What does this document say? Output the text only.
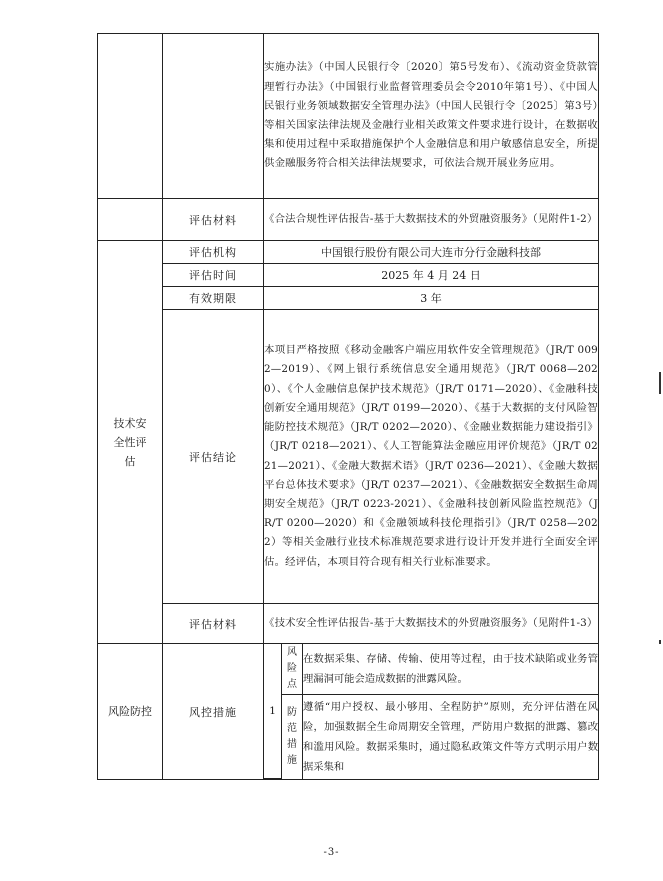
		实施办法》（中国人民银行令〔2020〕第5号发布）、《流动资金贷款管理暂行办法》（中国银行业监督管理委员会令2010年第1号）、《中国人民银行业务领域数据安全管理办法》（中国人民银行令〔2025〕第3号）等相关国家法律法规及金融行业相关政策文件要求进行设计，在数据收集和使用过程中采取措施保护个人金融信息和用户敏感信息安全，所提供金融服务符合相关法律法规要求，可依法合规开展业务应用。
	评估材料	《合法合规性评估报告-基于大数据技术的外贸融资服务》（见附件1-2）
技术安全性评估	评估机构	中国银行股份有限公司大连市分行金融科技部
评估时间	2025 年 4 月 24 日
有效期限	3 年
评估结论	本项目严格按照《移动金融客户端应用软件安全管理规范》（JR/T 0092—2019）、《网上银行系统信息安全通用规范》（JR/T 0068—2020）、《个人金融信息保护技术规范》（JR/T 0171—2020）、《金融科技创新安全通用规范》（JR/T 0199—2020）、《基于大数据的支付风险智能防控技术规范》（JR/T 0202—2020）、《金融业数据能力建设指引》（JR/T 0218—2021）、《人工智能算法金融应用评价规范》（JR/T 0221—2021）、《金融大数据术语》（JR/T 0236—2021）、《金融大数据平台总体技术要求》（JR/T 0237—2021）、《金融数据安全数据生命周期安全规范》（JR/T 0223-2021）、《金融科技创新风险监控规范》（JR/T 0200—2020）和《金融领域科技伦理指引》（JR/T 0258—2022）等相关金融行业技术标准规范要求进行设计开发并进行全面安全评估。经评估，本项目符合现有相关行业标准要求。
评估材料	《技术安全性评估报告-基于大数据技术的外贸融资服务》（见附件1-3）
风险防控	风控措施		1	风险点	在数据采集、存储、传输、使用等过程，由于技术缺陷或业务管理漏洞可能会造成数据的泄露风险。
防范措施	遵循“用户授权、最小够用、全程防护”原则，充分评估潜在风险，加强数据全生命周期安全管理，严防用户数据的泄露、篡改和滥用风险。数据采集时，通过隐私政策文件等方式明示用户数据采集和
-3-
